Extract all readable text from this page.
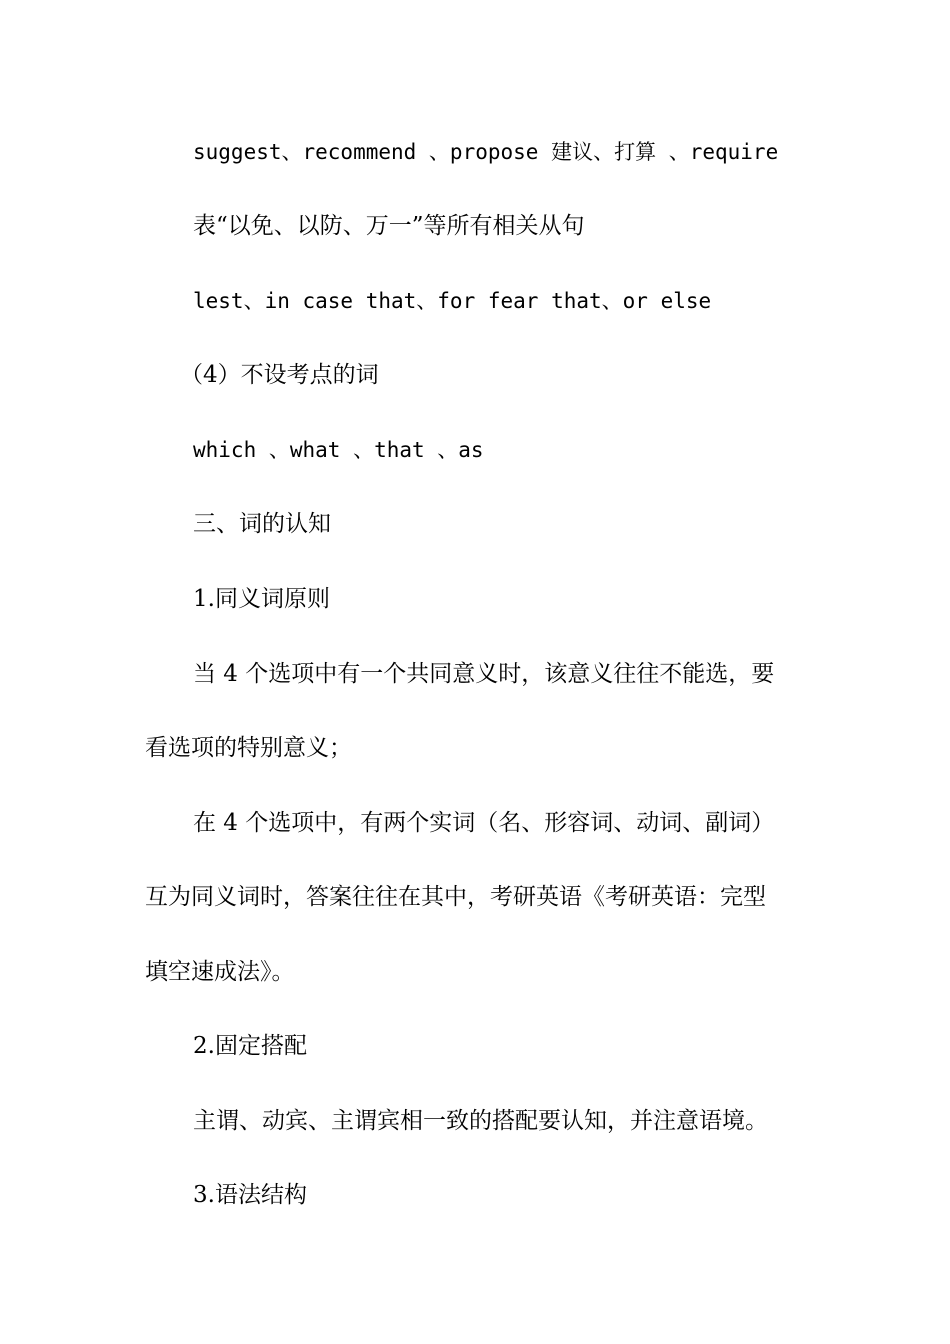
suggest、recommend 、propose 建议、打算 、require
表“以免、以防、万一”等所有相关从句
lest、in case that、for fear that、or else
（4）不设考点的词
which 、what 、that 、as
三、词的认知
1.同义词原则
当 4 个选项中有一个共同意义时，该意义往往不能选，要
看选项的特别意义；
在 4 个选项中，有两个实词（名、形容词、动词、副词）
互为同义词时，答案往往在其中，考研英语《考研英语：完型
填空速成法》。
2.固定搭配
主谓、动宾、主谓宾相一致的搭配要认知，并注意语境。
3.语法结构
